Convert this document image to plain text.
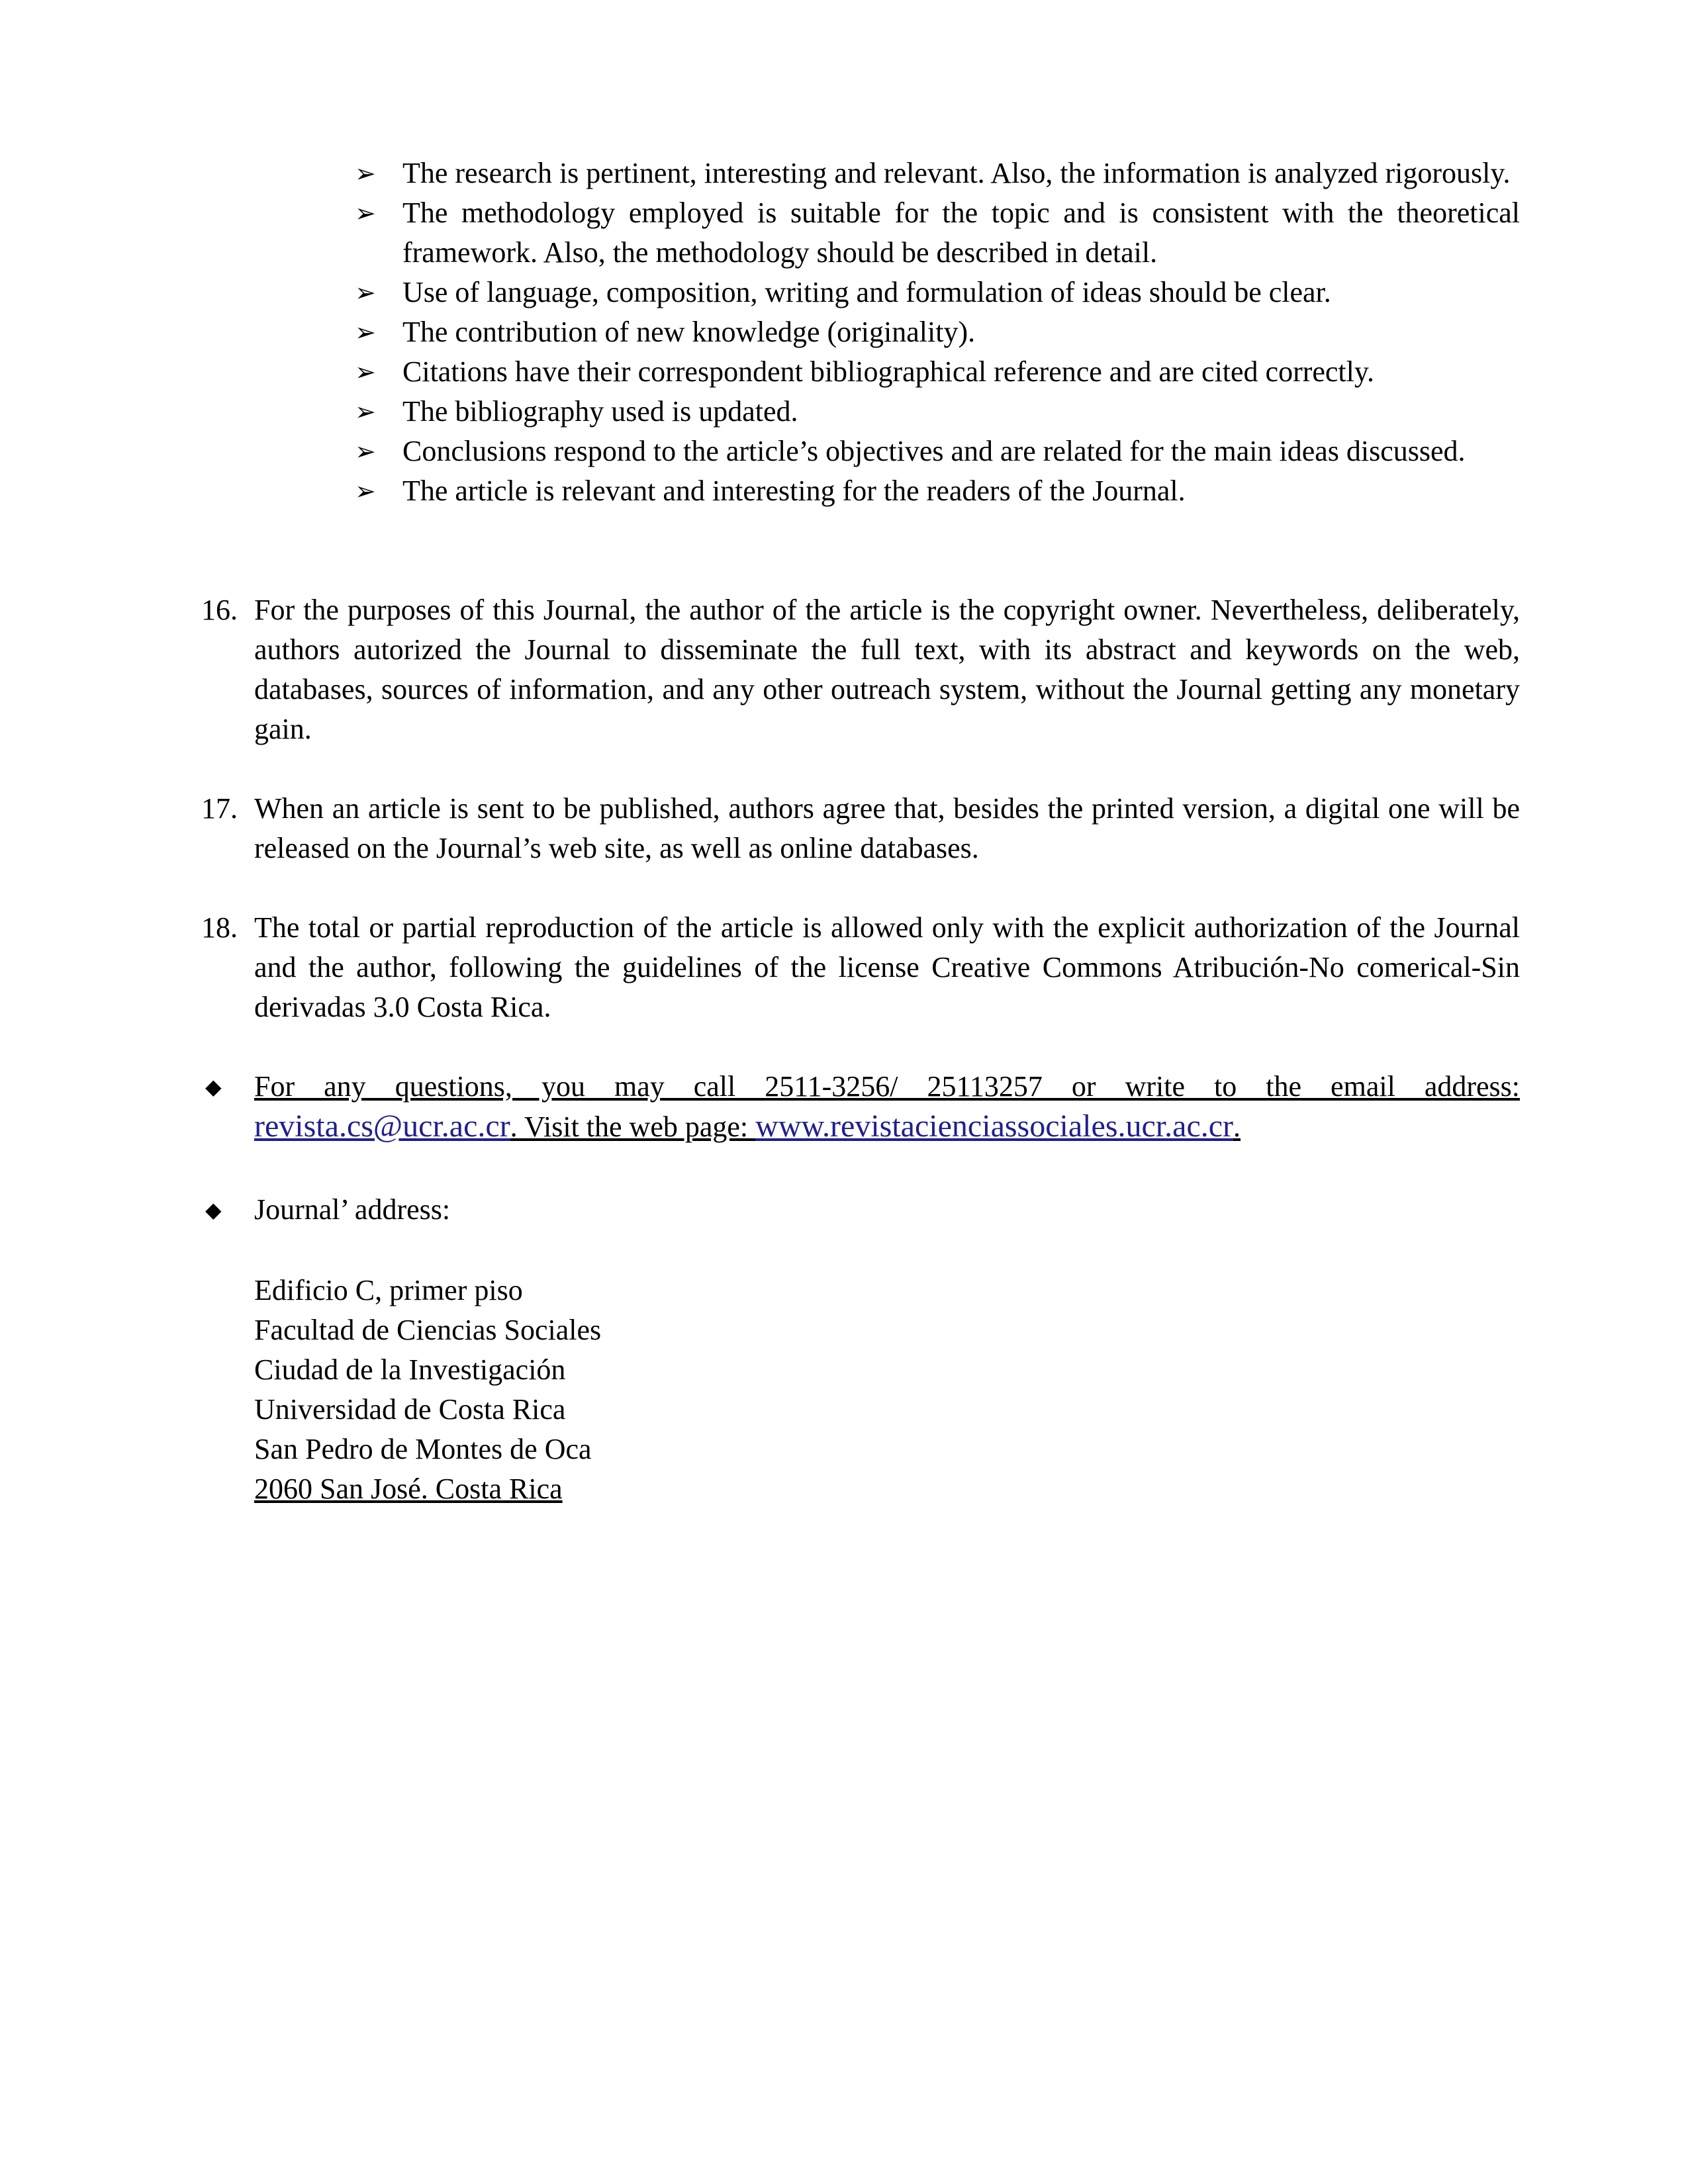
➢ The research is pertinent, interesting and relevant. Also, the information is analyzed rigorously.
➢ The methodology employed is suitable for the topic and is consistent with the theoretical framework. Also, the methodology should be described in detail.
➢ Use of language, composition, writing and formulation of ideas should be clear.
➢ The contribution of new knowledge (originality).
➢ Citations have their correspondent bibliographical reference and are cited correctly.
➢ The bibliography used is updated.
➢ Conclusions respond to the article’s objectives and are related for the main ideas discussed.
➢ The article is relevant and interesting for the readers of the Journal.
16. For the purposes of this Journal, the author of the article is the copyright owner. Nevertheless, deliberately, authors autorized the Journal to disseminate the full text, with its abstract and keywords on the web, databases, sources of information, and any other outreach system, without the Journal getting any monetary gain.
17. When an article is sent to be published, authors agree that, besides the printed version, a digital one will be released on the Journal’s web site, as well as online databases.
18. The total or partial reproduction of the article is allowed only with the explicit authorization of the Journal and the author, following the guidelines of the license Creative Commons Atribución-No comerical-Sin derivadas 3.0 Costa Rica.
◆ For any questions, you may call 2511-3256/ 25113257 or write to the email address:
revista.cs@ucr.ac.cr. Visit the web page: www.revistacienciassociales.ucr.ac.cr.
◆ Journal’ address:
Edificio C, primer piso
Facultad de Ciencias Sociales
Ciudad de la Investigación
Universidad de Costa Rica
San Pedro de Montes de Oca
2060 San José. Costa Rica
